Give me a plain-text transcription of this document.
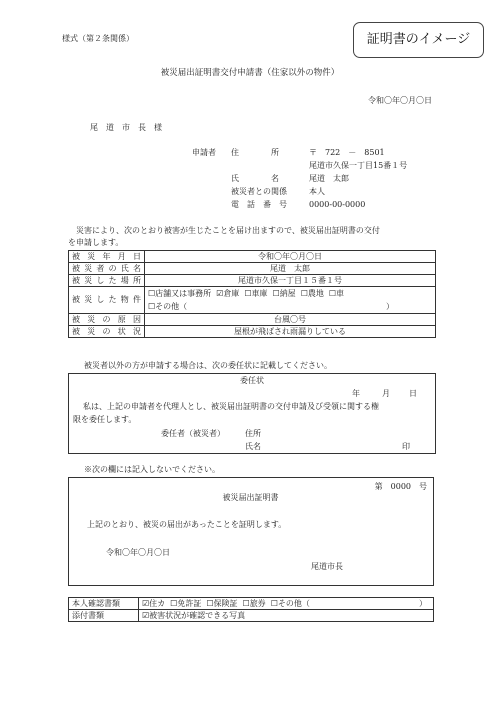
様式（第２条関係）	証明書のイメージ
被災届出証明書交付申請書（住家以外の物件）
令和〇年〇月〇日
尾　道　市　長　様
申請者 住　　　　所	〒　722　－　8501
尾道市久保一丁目15番１号
氏　　　　名	尾道　太郎
被災者との関係	本人
電　話　番　号	0000-00-0000
災害により、次のとおり被害が生じたことを届け出ますので、被災届出証明書の交付
を申請します。
被 災 年 月 日	令和〇年〇月〇日
被災者の氏名	尾道　太郎
被災した場所	尾道市久保一丁目１５番１号
被災した物件	☐店舗又は事務所 ☑倉庫 ☐車庫 ☐納屋 ☐農地 ☐車
☐その他（ ）

被 災 の 原 因	台風〇号
被 災 の 状 況	屋根が飛ばされ雨漏りしている
被災者以外の方が申請する場合は、次の委任状に記載してください。
委任状
年	月 日
私は、上記の申請者を代理人とし、被災届出証明書の交付申請及び受領に関する権
限を委任します。
委任者（被災者）	住所
氏名	印
※次の欄には記入しないでください。
第　0000　号
被災届出証明書
上記のとおり、被災の届出があったことを証明します。
令和〇年〇月〇日
尾道市長
本人確認書類	☑住カ ☐免許証 ☐保険証 ☐旅券 ☐その他（ ）

添付書類	☑被害状況が確認できる写真
